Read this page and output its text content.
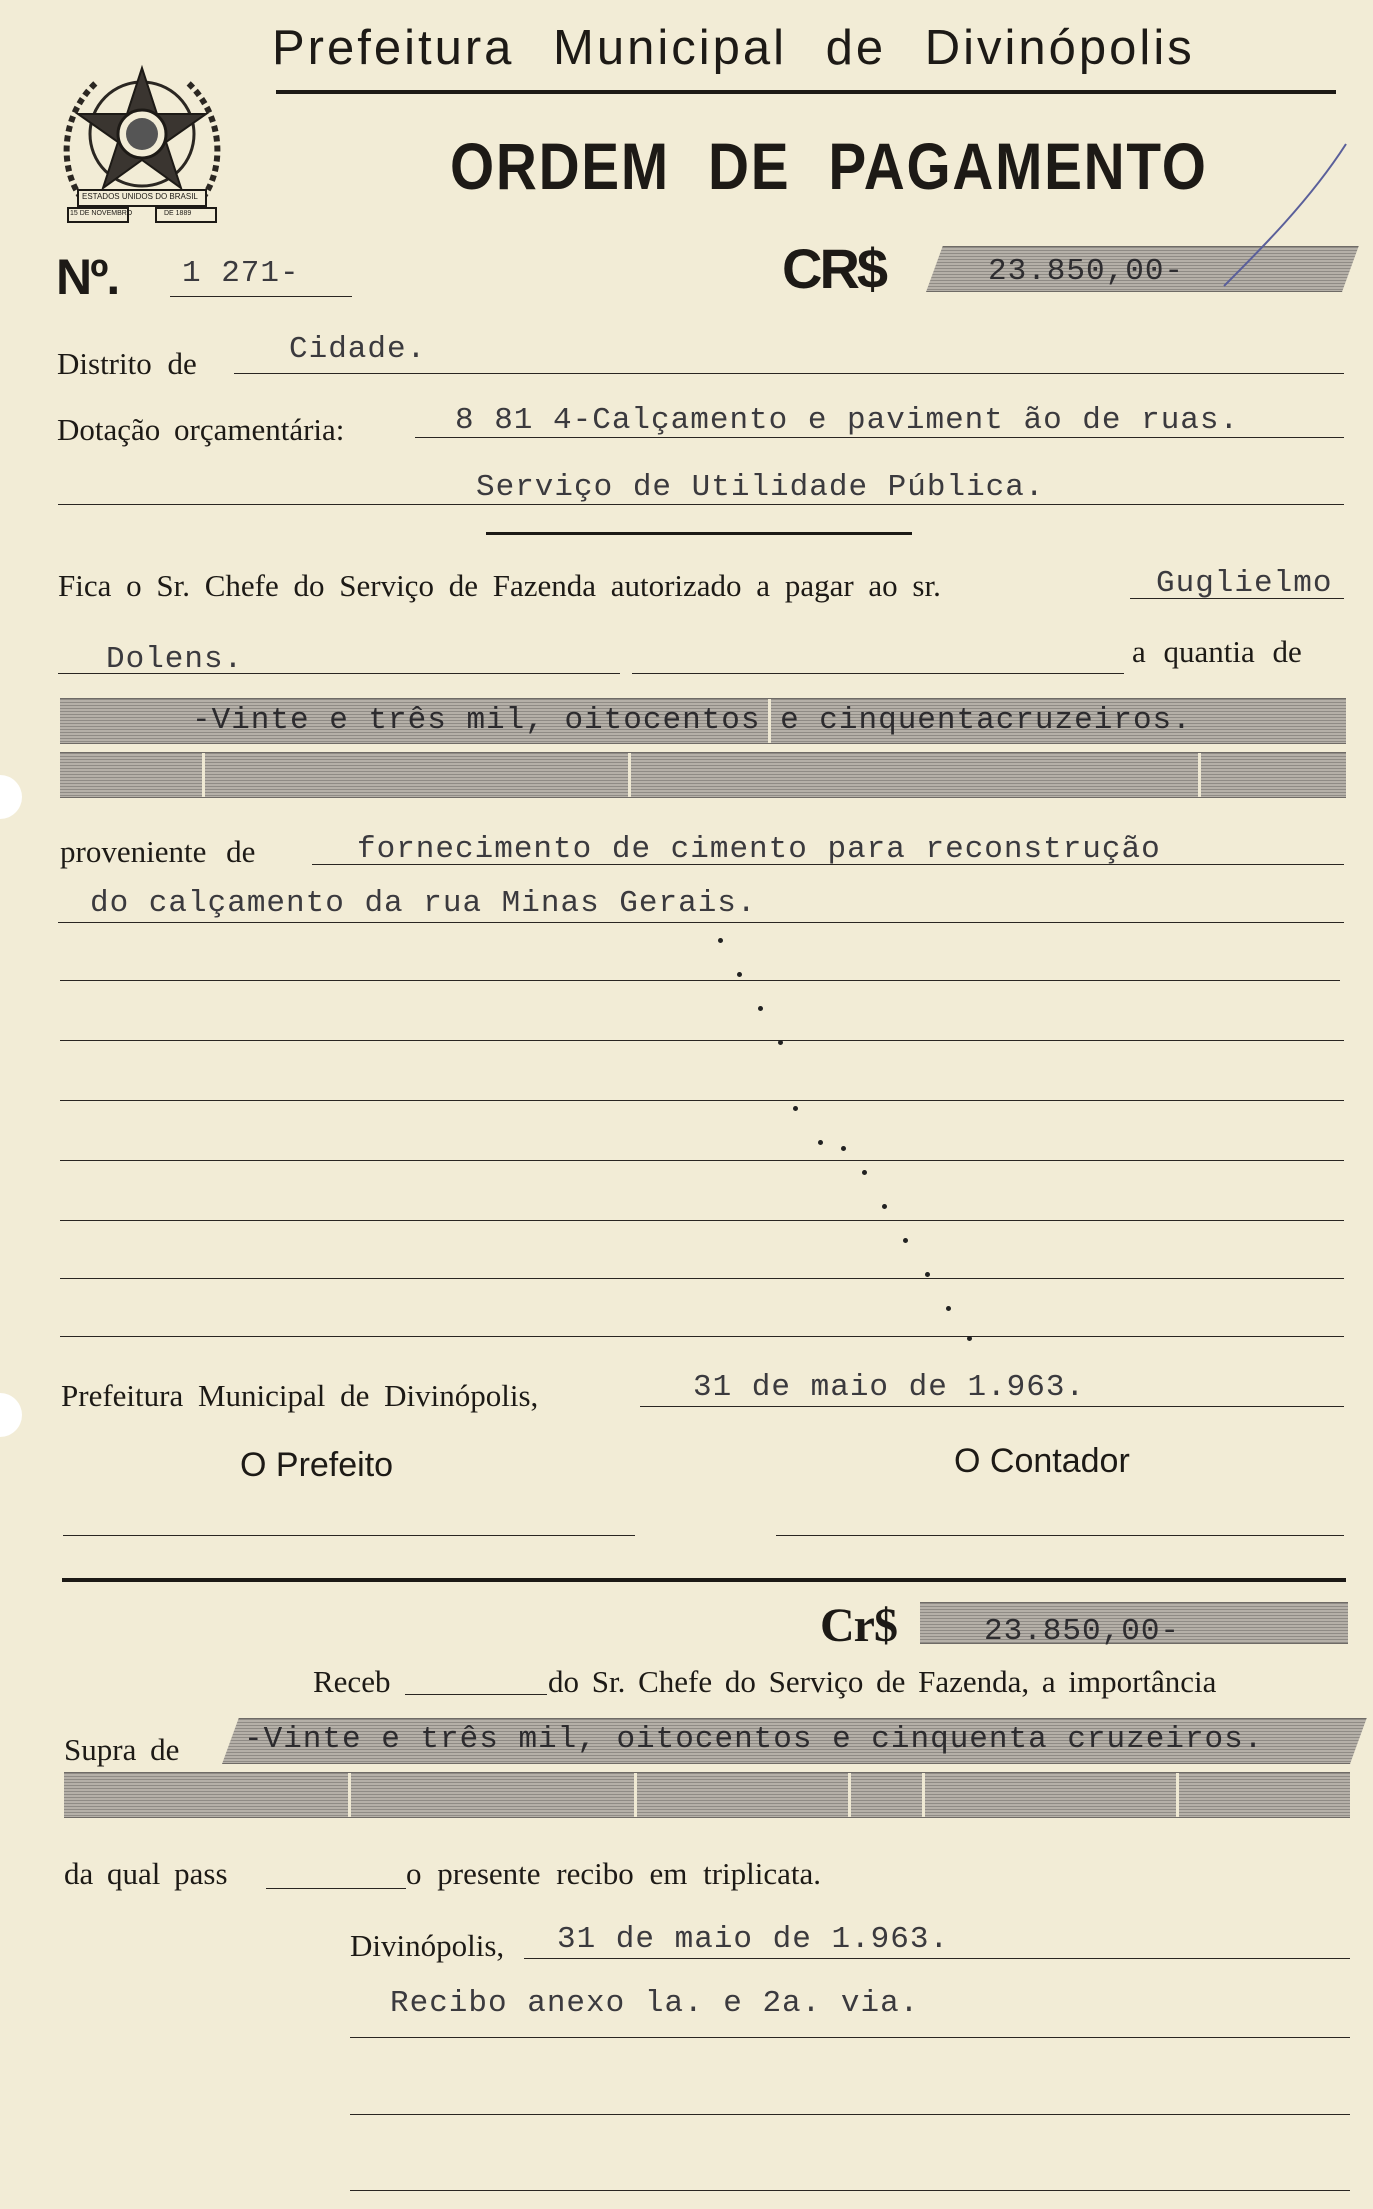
ESTADOS UNIDOS DO BRASIL
15 DE NOVEMBRO	DE 1889
Prefeitura Municipal de Divinópolis
ORDEM DE PAGAMENTO
Nº. 1 271-	CR$	23.850,00-
Distrito de	Cidade.
Dotação orçamentária:	8 81 4-Calçamento e paviment ão de ruas.
Serviço de Utilidade Pública.
Fica o Sr. Chefe do Serviço de Fazenda autorizado a pagar ao sr.	Guglielmo
Dolens.	a quantia de
-Vinte e três mil, oitocentos e cinquentacruzeiros.
proveniente de	fornecimento de cimento para reconstrução
do calçamento da rua Minas Gerais.
Prefeitura Municipal de Divinópolis,	31 de maio de 1.963.
O Prefeito	O Contador
Cr$	23.850,00-
Receb	do Sr. Chefe do Serviço de Fazenda, a importância
Supra de -Vinte e três mil, oitocentos e cinquenta cruzeiros.
da qual pass	o presente recibo em triplicata.
Divinópolis, 31 de maio de 1.963.
Recibo anexo la. e 2a. via.
